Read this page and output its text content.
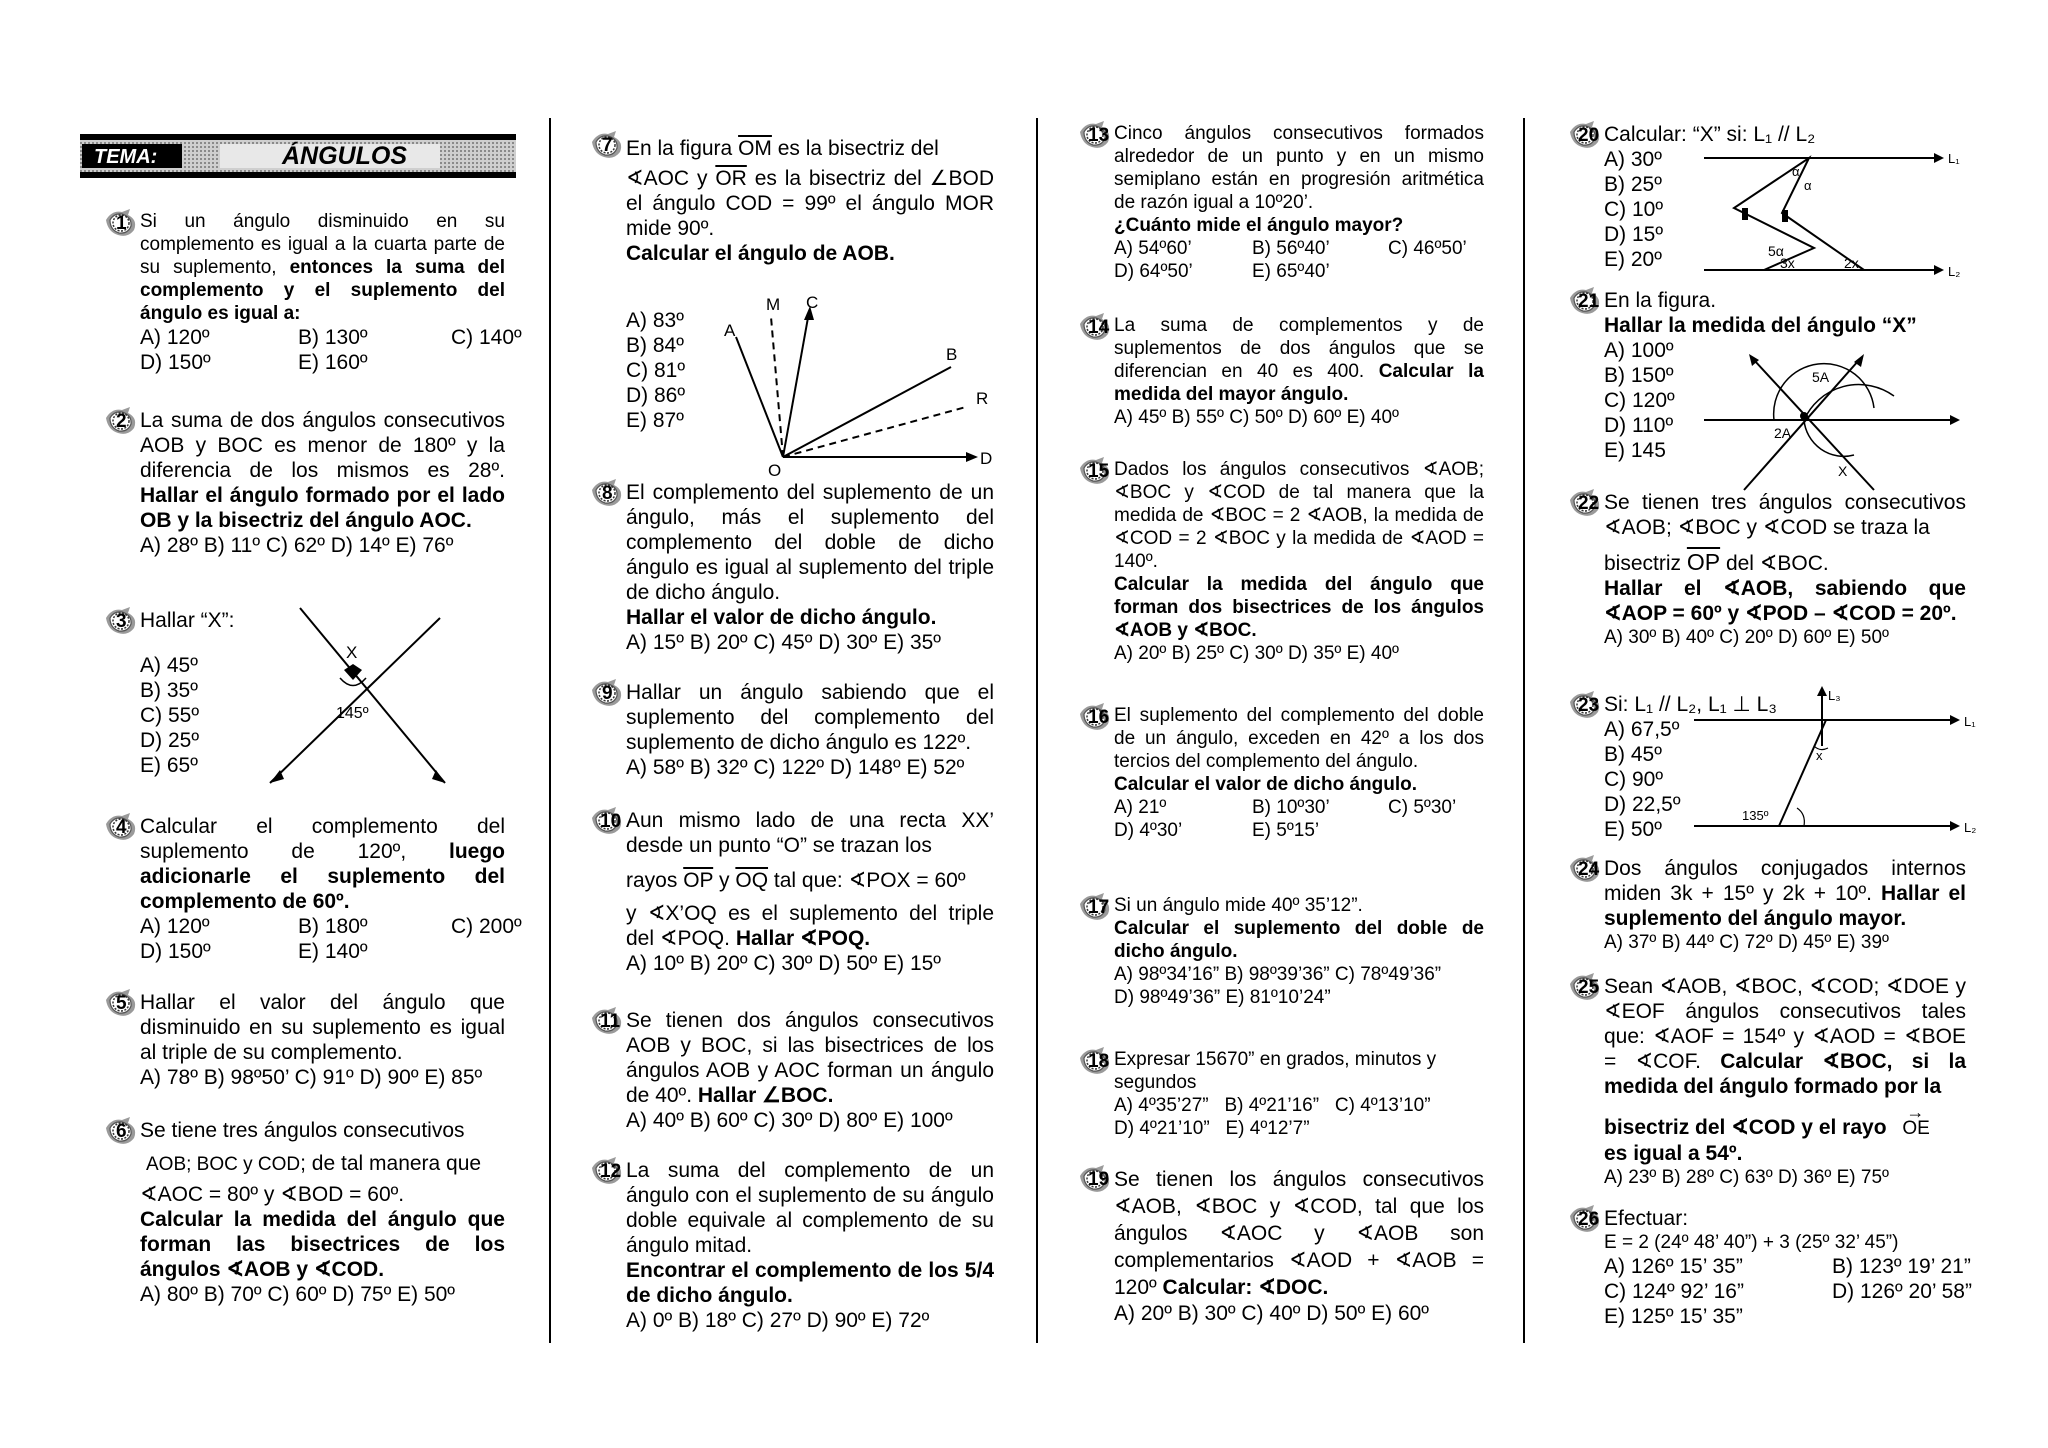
TEMA:	ÁNGULOS
1 Si un ángulo disminuido en su complemento es igual a la cuarta parte de su suplemento, entonces la suma del complemento y el suplemento del ángulo es igual a:
A) 120º	B) 130º	C) 140º
D) 150º	E) 160º
2 La suma de dos ángulos consecutivos AOB y BOC es menor de 180º y la diferencia de los mismos es 28º. Hallar el ángulo formado por el lado OB y la bisectriz del ángulo AOC.
A) 28º B) 11º C) 62º D) 14º E) 76º
3 Hallar “X”:
A) 45º
B) 35º
C) 55º
D) 25º
E) 65º
X
145º
4 Calcular el complemento del suplemento de 120º, luego adicionarle el suplemento del complemento de 60º.
A) 120º	B) 180º	C) 200º
D) 150º	E) 140º
5 Hallar el valor del ángulo que disminuido en su suplemento es igual al triple de su complemento.
A) 78º B) 98º50’ C) 91º D) 90º E) 85º
6 Se tiene tres ángulos consecutivos
AOB; BOC y COD; de tal manera que
∢AOC = 80º y ∢BOD = 60º.
Calcular la medida del ángulo que forman las bisectrices de los ángulos ∢AOB y ∢COD.
A) 80º B) 70º C) 60º D) 75º E) 50º
7 En la figura $\overline{OM}$ es la bisectriz del
∢AOC y $\overline{OR}$ es la bisectriz del ∠BOD el ángulo COD = 99º el ángulo MOR mide 90º.
Calcular el ángulo de AOB.
A) 83º
B) 84º
C) 81º
D) 86º
E) 87º
A
M C
B
R
O
D
8 El complemento del suplemento de un ángulo, más el suplemento del complemento del doble de dicho ángulo es igual al suplemento del triple de dicho ángulo.
Hallar el valor de dicho ángulo.
A) 15º B) 20º C) 45º D) 30º E) 35º
9 Hallar un ángulo sabiendo que el suplemento del complemento del suplemento de dicho ángulo es 122º.
A) 58º B) 32º C) 122º D) 148º E) 52º
10 Aun mismo lado de una recta XX’ desde un punto “O” se trazan los
rayos $\overline{OP}$ y $\overline{OQ}$ tal que: ∢POX = 60º
y ∢X’OQ es el suplemento del triple del ∢POQ. Hallar ∢POQ.
A) 10º B) 20º C) 30º D) 50º E) 15º
11 Se tienen dos ángulos consecutivos AOB y BOC, si las bisectrices de los ángulos AOB y AOC forman un ángulo de 40º. Hallar ∠BOC.
A) 40º B) 60º C) 30º D) 80º E) 100º
12 La suma del complemento de un ángulo con el suplemento de su ángulo doble equivale al complemento de su ángulo mitad.
Encontrar el complemento de los 5/4 de dicho ángulo.
A) 0º B) 18º C) 27º D) 90º E) 72º
13 Cinco ángulos consecutivos formados alrededor de un punto y en un mismo semiplano están en progresión aritmética de razón igual a 10º20’.
¿Cuánto mide el ángulo mayor?
A) 54º60’	B) 56º40’	C) 46º50’
D) 64º50’	E) 65º40’
14 La suma de complementos y de suplementos de dos ángulos que se diferencian en 40 es 400. Calcular la medida del mayor ángulo.
A) 45º B) 55º C) 50º D) 60º E) 40º
15 Dados los ángulos consecutivos ∢AOB; ∢BOC y ∢COD de tal manera que la medida de ∢BOC = 2 ∢AOB, la medida de ∢COD = 2 ∢BOC y la medida de ∢AOD = 140º.
Calcular la medida del ángulo que forman dos bisectrices de los ángulos ∢AOB y ∢BOC.
A) 20º B) 25º C) 30º D) 35º E) 40º
16 El suplemento del complemento del doble de un ángulo, exceden en 42º a los dos tercios del complemento del ángulo.
Calcular el valor de dicho ángulo.
A) 21º	B) 10º30’	C) 5º30’
D) 4º30’	E) 5º15’
17 Si un ángulo mide 40º 35’12”.
Calcular el suplemento del doble de dicho ángulo.
A) 98º34’16” B) 98º39’36” C) 78º49’36”
D) 98º49’36” E) 81º10’24”
18 Expresar 15670” en grados, minutos y segundos
A) 4º35’27” B) 4º21’16” C) 4º13’10”
D) 4º21’10” E) 4º12’7”
19 Se tienen los ángulos consecutivos ∢AOB, ∢BOC y ∢COD, tal que los ángulos ∢AOC y ∢AOB son complementarios ∢AOD + ∢AOB = 120º Calcular: ∢DOC.
A) 20º B) 30º C) 40º D) 50º E) 60º
20 Calcular: “X” si: L₁ // L₂
A) 30º
B) 25º
C) 10º
D) 15º
E) 20º
α
α
5α
3x	2x
L₁
L₂
21 En la figura.
Hallar la medida del ángulo “X”
A) 100º
B) 150º
C) 120º
D) 110º
E) 145
5A
2A
X
22 Se tienen tres ángulos consecutivos ∢AOB; ∢BOC y ∢COD se traza la
bisectriz $\overline{OP}$ del ∢BOC.
Hallar el ∢AOB, sabiendo que ∢AOP = 60º y ∢POD – ∢COD = 20º.
A) 30º B) 40º C) 20º D) 60º E) 50º
23 Si: L₁ // L₂, L₁ ⊥ L₃
A) 67,5º
B) 45º
C) 90º
D) 22,5º
E) 50º
L₃
L₁
L₂
x
135º
24 Dos ángulos conjugados internos miden 3k + 15º y 2k + 10º. Hallar el suplemento del ángulo mayor.
A) 37º B) 44º C) 72º D) 45º E) 39º
25 Sean ∢AOB, ∢BOC, ∢COD; ∢DOE y ∢EOF ángulos consecutivos tales que: ∢AOF = 154º y ∢AOD = ∢BOE = ∢COF. Calcular ∢BOC, si la medida del ángulo formado por la
bisectriz del ∢COD y el rayo
→
OE
es igual a 54º.
A) 23º B) 28º C) 63º D) 36º E) 75º
26 Efectuar:
E = 2 (24º 48’ 40”) + 3 (25º 32’ 45”)
A) 126º 15’ 35”	B) 123º 19’ 21”
C) 124º 92’ 16”	D) 126º 20’ 58”
E) 125º 15’ 35”
